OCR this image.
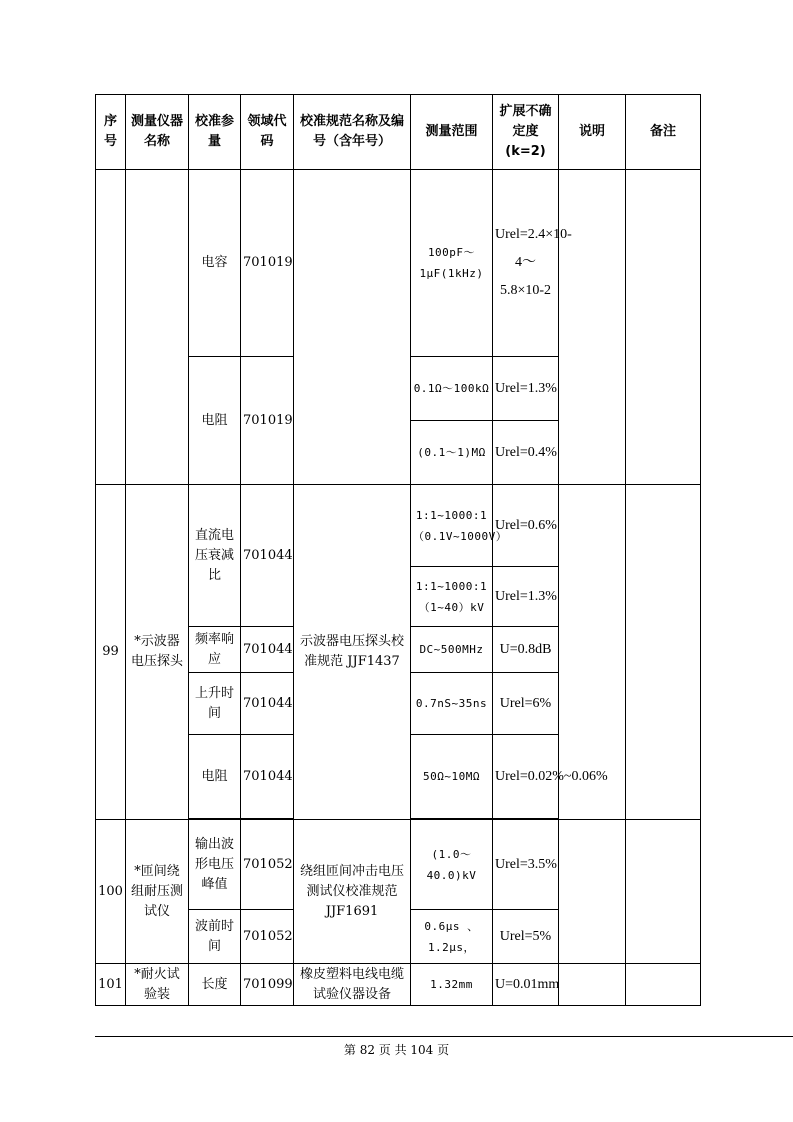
序号	测量仪器名称	校准参量	领域代码	校准规范名称及编号（含年号）	测量范围	扩展不确定度(k=2)	说明	备注
		电容	701019		100pF～1μF(1kHz)	Urel=2.4×10-4～5.8×10-2		
		电阻	701019		0.1Ω～100kΩ	Urel=1.3%		
					(0.1～1)MΩ	Urel=0.4%		
99	*示波器电压探头	直流电压衰减比	701044	示波器电压探头校准规范 JJF1437	1:1~1000:1（0.1V~1000V）	Urel=0.6%		
					1:1~1000:1（1~40）kV	Urel=1.3%		
		频率响应	701044		DC~500MHz	U=0.8dB		
		上升时间	701044		0.7nS~35ns	Urel=6%		
		电阻	701044		50Ω~10MΩ	Urel=0.02%~0.06%		

100	*匝间绕组耐压测试仪	输出波形电压峰值	701052	绕组匝间冲击电压测试仪校准规范 JJF1691	(1.0～40.0)kV	Urel=3.5%		
		波前时间	701052		0.6μs 、1.2μs，	Urel=5%		
101	*耐火试验装	长度	701099	橡皮塑料电线电缆试验仪器设备	1.32mm	U=0.01mm		
第 82 页 共 104 页
